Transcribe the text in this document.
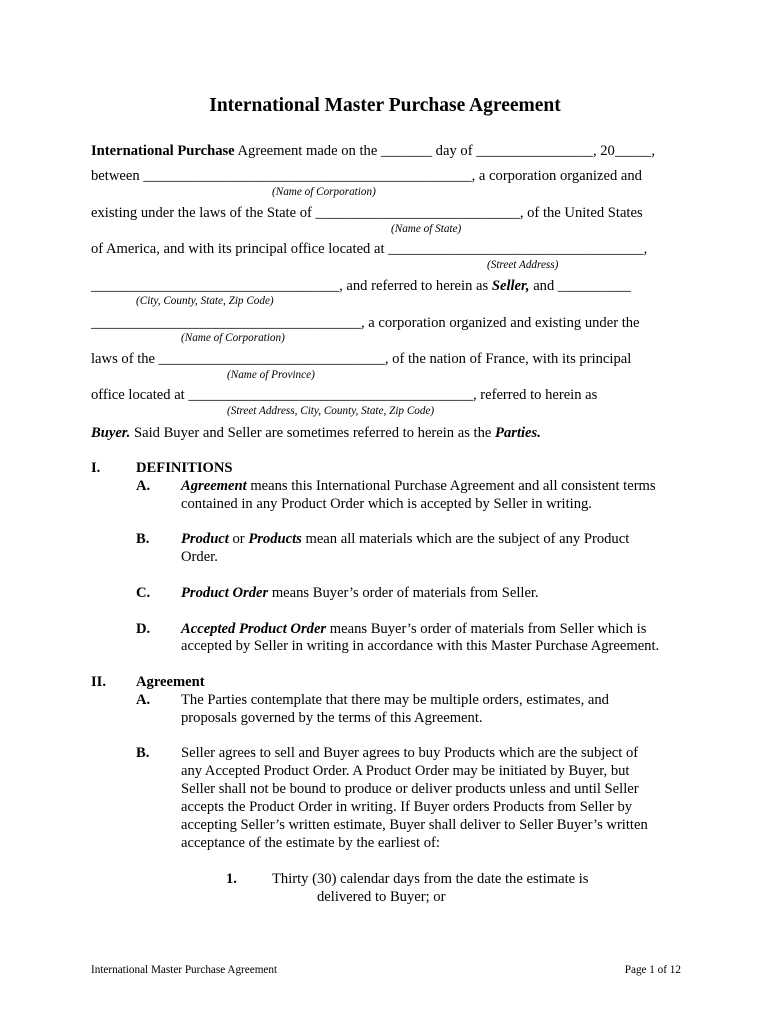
International Master Purchase Agreement
International Purchase Agreement made on the _______ day of ________________, 20_____,
between _____________________________________________, a corporation organized and
(Name of Corporation)
existing under the laws of the State of ____________________________, of the United States
(Name of State)
of America, and with its principal office located at ___________________________________,
(Street Address)
__________________________________, and referred to herein as Seller, and __________
(City, County, State, Zip Code)
_____________________________________, a corporation organized and existing under the
(Name of Corporation)
laws of the _______________________________, of the nation of France, with its principal
(Name of Province)
office located at _______________________________________, referred to herein as
(Street Address, City, County, State, Zip Code)
Buyer. Said Buyer and Seller are sometimes referred to herein as the Parties.
I. DEFINITIONS
A. Agreement means this International Purchase Agreement and all consistent terms
contained in any Product Order which is accepted by Seller in writing.
B. Product or Products mean all materials which are the subject of any Product
Order.
C. Product Order means Buyer’s order of materials from Seller.
D. Accepted Product Order means Buyer’s order of materials from Seller which is
accepted by Seller in writing in accordance with this Master Purchase Agreement.
II. Agreement
A. The Parties contemplate that there may be multiple orders, estimates, and
proposals governed by the terms of this Agreement.
B. Seller agrees to sell and Buyer agrees to buy Products which are the subject of
any Accepted Product Order. A Product Order may be initiated by Buyer, but
Seller shall not be bound to produce or deliver products unless and until Seller
accepts the Product Order in writing. If Buyer orders Products from Seller by
accepting Seller’s written estimate, Buyer shall deliver to Seller Buyer’s written
acceptance of the estimate by the earliest of:
1. Thirty (30) calendar days from the date the estimate is
delivered to Buyer; or
International Master Purchase Agreement	Page 1 of 12
